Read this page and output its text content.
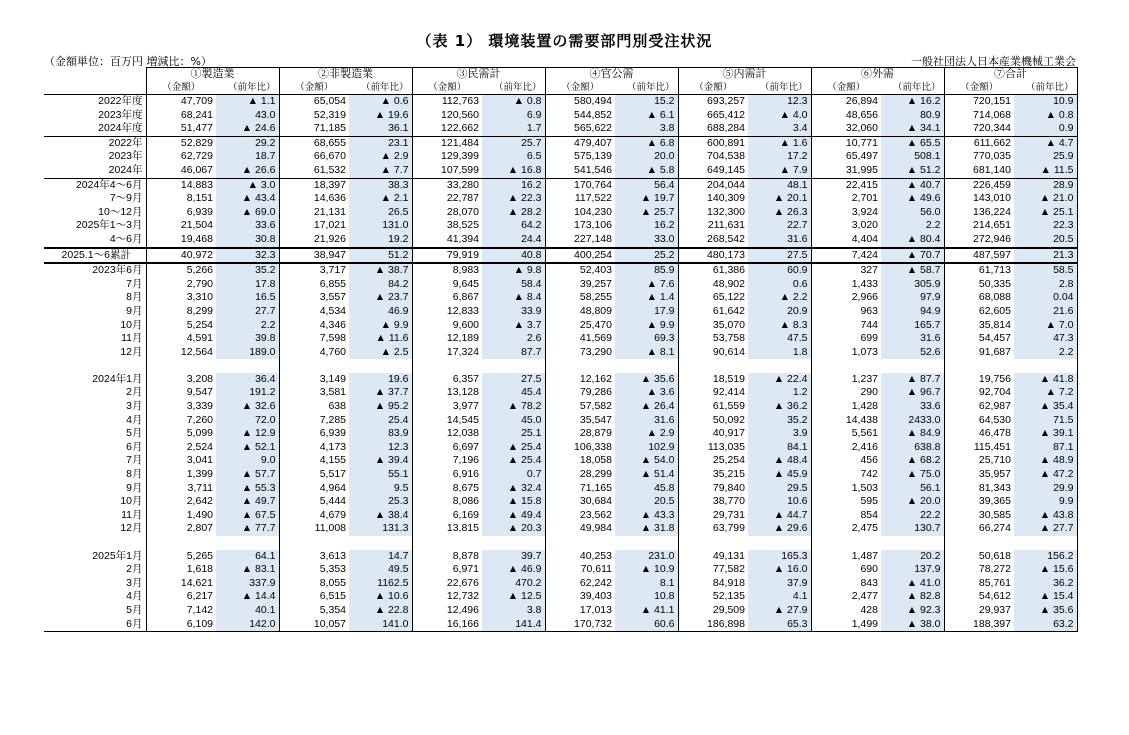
（表 1） 環境装置の需要部門別受注状況
（金額単位：百万円 増減比：%）	一般社団法人日本産業機械工業会
	①製造業		②非製造業		③民需計		④官公需		⑤内需計		⑥外需		⑦合計	
	（金額）	（前年比）	（金額）	（前年比）	（金額）	（前年比）	（金額）	（前年比）	（金額）	（前年比）	（金額）	（前年比）	（金額）	（前年比）
2022年度	47,709	▲ 1.1	65,054	▲ 0.6	112,763	▲ 0.8	580,494	15.2	693,257	12.3	26,894	▲ 16.2	720,151	10.9
2023年度	68,241	43.0	52,319	▲ 19.6	120,560	6.9	544,852	▲ 6.1	665,412	▲ 4.0	48,656	80.9	714,068	▲ 0.8
2024年度	51,477	▲ 24.6	71,185	36.1	122,662	1.7	565,622	3.8	688,284	3.4	32,060	▲ 34.1	720,344	0.9
2022年	52,829	29.2	68,655	23.1	121,484	25.7	479,407	▲ 6.8	600,891	▲ 1.6	10,771	▲ 65.5	611,662	▲ 4.7
2023年	62,729	18.7	66,670	▲ 2.9	129,399	6.5	575,139	20.0	704,538	17.2	65,497	508.1	770,035	25.9
2024年	46,067	▲ 26.6	61,532	▲ 7.7	107,599	▲ 16.8	541,546	▲ 5.8	649,145	▲ 7.9	31,995	▲ 51.2	681,140	▲ 11.5
2024年4～6月	14,883	▲ 3.0	18,397	38.3	33,280	16.2	170,764	56.4	204,044	48.1	22,415	▲ 40.7	226,459	28.9
7～9月	8,151	▲ 43.4	14,636	▲ 2.1	22,787	▲ 22.3	117,522	▲ 19.7	140,309	▲ 20.1	2,701	▲ 49.6	143,010	▲ 21.0
10～12月	6,939	▲ 69.0	21,131	26.5	28,070	▲ 28.2	104,230	▲ 25.7	132,300	▲ 26.3	3,924	56.0	136,224	▲ 25.1
2025年1～3月	21,504	33.6	17,021	131.0	38,525	64.2	173,106	16.2	211,631	22.7	3,020	2.2	214,651	22.3
4～6月	19,468	30.8	21,926	19.2	41,394	24.4	227,148	33.0	268,542	31.6	4,404	▲ 80.4	272,946	20.5
2025.1～6累計	40,972	32.3	38,947	51.2	79,919	40.8	400,254	25.2	480,173	27.5	7,424	▲ 70.7	487,597	21.3
2023年6月	5,266	35.2	3,717	▲ 38.7	8,983	▲ 9.8	52,403	85.9	61,386	60.9	327	▲ 58.7	61,713	58.5
7月	2,790	17.8	6,855	84.2	9,645	58.4	39,257	▲ 7.6	48,902	0.6	1,433	305.9	50,335	2.8
8月	3,310	16.5	3,557	▲ 23.7	6,867	▲ 8.4	58,255	▲ 1.4	65,122	▲ 2.2	2,966	97.9	68,088	0.04
9月	8,299	27.7	4,534	46.9	12,833	33.9	48,809	17.9	61,642	20.9	963	94.9	62,605	21.6
10月	5,254	2.2	4,346	▲ 9.9	9,600	▲ 3.7	25,470	▲ 9.9	35,070	▲ 8.3	744	165.7	35,814	▲ 7.0
11月	4,591	39.8	7,598	▲ 11.6	12,189	2.6	41,569	69.3	53,758	47.5	699	31.6	54,457	47.3
12月	12,564	189.0	4,760	▲ 2.5	17,324	87.7	73,290	▲ 8.1	90,614	1.8	1,073	52.6	91,687	2.2

2024年1月	3,208	36.4	3,149	19.6	6,357	27.5	12,162	▲ 35.6	18,519	▲ 22.4	1,237	▲ 87.7	19,756	▲ 41.8
2月	9,547	191.2	3,581	▲ 37.7	13,128	45.4	79,286	▲ 3.6	92,414	1.2	290	▲ 96.7	92,704	▲ 7.2
3月	3,339	▲ 32.6	638	▲ 95.2	3,977	▲ 78.2	57,582	▲ 26.4	61,559	▲ 36.2	1,428	33.6	62,987	▲ 35.4
4月	7,260	72.0	7,285	25.4	14,545	45.0	35,547	31.6	50,092	35.2	14,438	2433.0	64,530	71.5
5月	5,099	▲ 12.9	6,939	83.9	12,038	25.1	28,879	▲ 2.9	40,917	3.9	5,561	▲ 84.9	46,478	▲ 39.1
6月	2,524	▲ 52.1	4,173	12.3	6,697	▲ 25.4	106,338	102.9	113,035	84.1	2,416	638.8	115,451	87.1
7月	3,041	9.0	4,155	▲ 39.4	7,196	▲ 25.4	18,058	▲ 54.0	25,254	▲ 48.4	456	▲ 68.2	25,710	▲ 48.9
8月	1,399	▲ 57.7	5,517	55.1	6,916	0.7	28,299	▲ 51.4	35,215	▲ 45.9	742	▲ 75.0	35,957	▲ 47.2
9月	3,711	▲ 55.3	4,964	9.5	8,675	▲ 32.4	71,165	45.8	79,840	29.5	1,503	56.1	81,343	29.9
10月	2,642	▲ 49.7	5,444	25.3	8,086	▲ 15.8	30,684	20.5	38,770	10.6	595	▲ 20.0	39,365	9.9
11月	1,490	▲ 67.5	4,679	▲ 38.4	6,169	▲ 49.4	23,562	▲ 43.3	29,731	▲ 44.7	854	22.2	30,585	▲ 43.8
12月	2,807	▲ 77.7	11,008	131.3	13,815	▲ 20.3	49,984	▲ 31.8	63,799	▲ 29.6	2,475	130.7	66,274	▲ 27.7

2025年1月	5,265	64.1	3,613	14.7	8,878	39.7	40,253	231.0	49,131	165.3	1,487	20.2	50,618	156.2
2月	1,618	▲ 83.1	5,353	49.5	6,971	▲ 46.9	70,611	▲ 10.9	77,582	▲ 16.0	690	137.9	78,272	▲ 15.6
3月	14,621	337.9	8,055	1162.5	22,676	470.2	62,242	8.1	84,918	37.9	843	▲ 41.0	85,761	36.2
4月	6,217	▲ 14.4	6,515	▲ 10.6	12,732	▲ 12.5	39,403	10.8	52,135	4.1	2,477	▲ 82.8	54,612	▲ 15.4
5月	7,142	40.1	5,354	▲ 22.8	12,496	3.8	17,013	▲ 41.1	29,509	▲ 27.9	428	▲ 92.3	29,937	▲ 35.6
6月	6,109	142.0	10,057	141.0	16,166	141.4	170,732	60.6	186,898	65.3	1,499	▲ 38.0	188,397	63.2
